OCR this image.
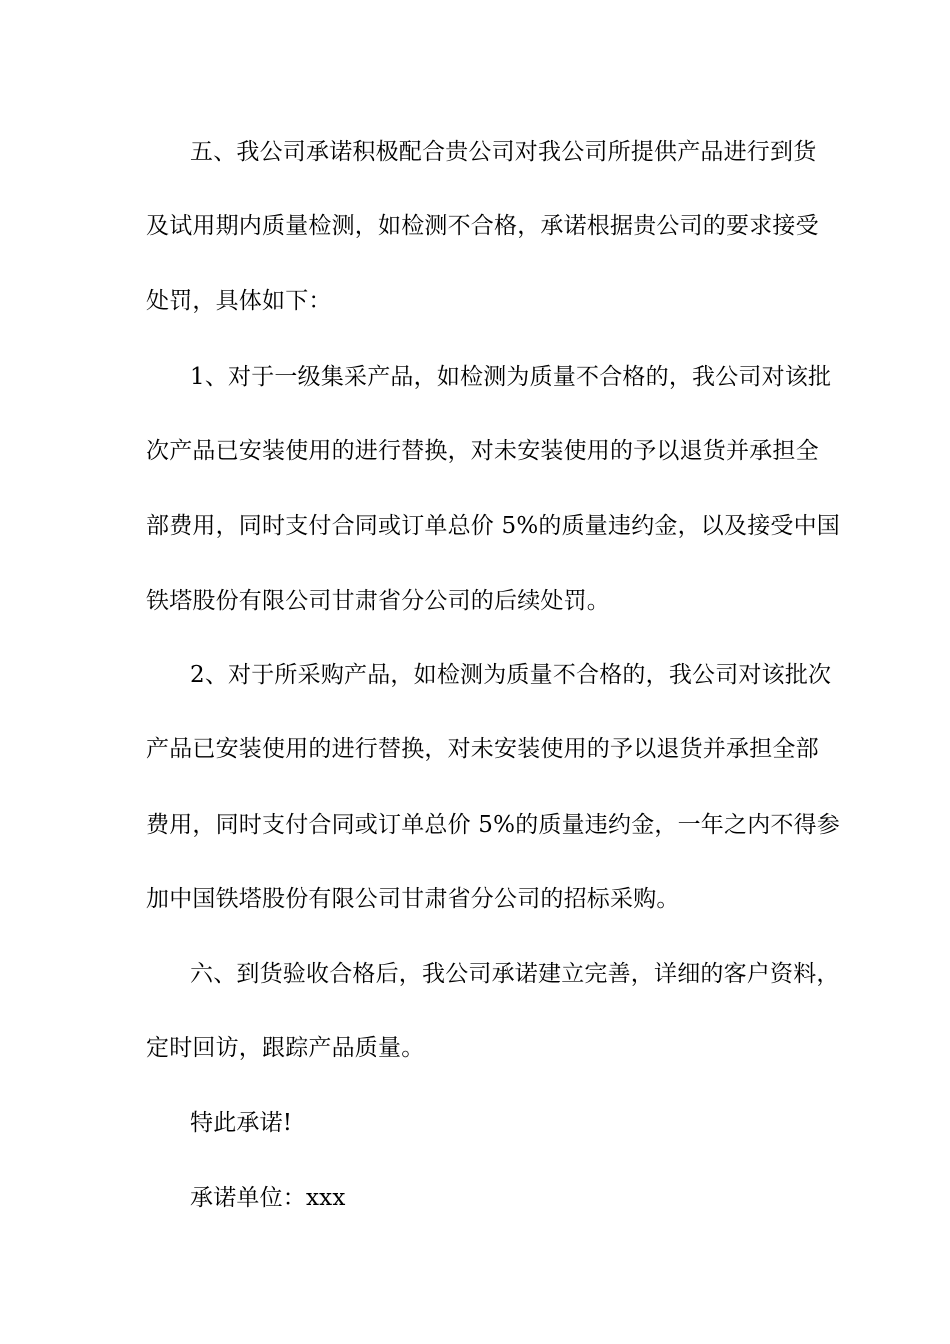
五、我公司承诺积极配合贵公司对我公司所提供产品进行到货
及试用期内质量检测，如检测不合格，承诺根据贵公司的要求接受
处罚，具体如下：
1、对于一级集采产品，如检测为质量不合格的，我公司对该批
次产品已安装使用的进行替换，对未安装使用的予以退货并承担全
部费用，同时支付合同或订单总价 5%的质量违约金，以及接受中国
铁塔股份有限公司甘肃省分公司的后续处罚。
2、对于所采购产品，如检测为质量不合格的，我公司对该批次
产品已安装使用的进行替换，对未安装使用的予以退货并承担全部
费用，同时支付合同或订单总价 5%的质量违约金，一年之内不得参
加中国铁塔股份有限公司甘肃省分公司的招标采购。
六、到货验收合格后，我公司承诺建立完善，详细的客户资料，
定时回访，跟踪产品质量。
特此承诺!
承诺单位：xxx
